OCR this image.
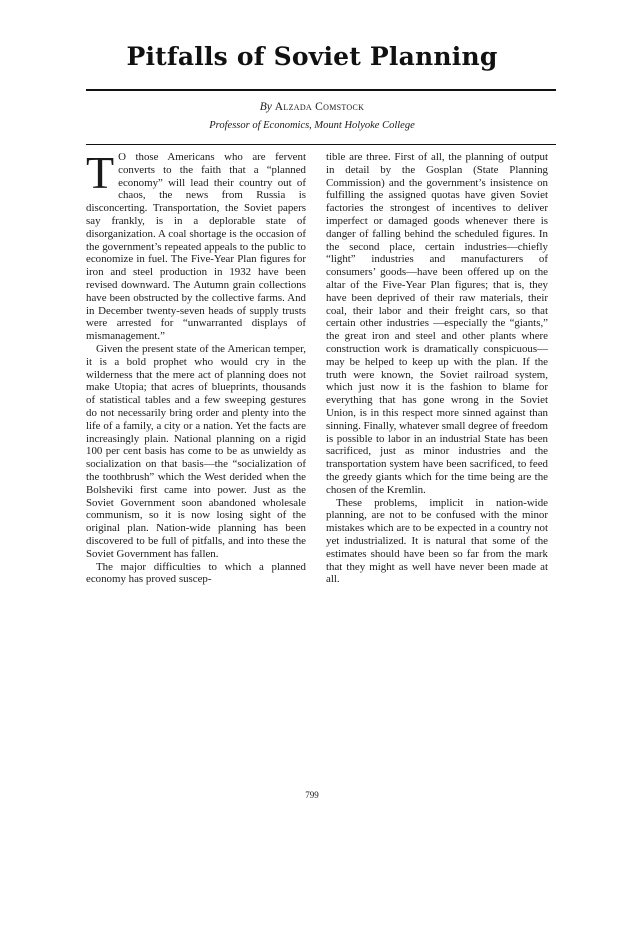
Pitfalls of Soviet Planning
By Alzada Comstock
Professor of Economics, Mount Holyoke College

T O those Americans who are fervent converts to the faith that a “planned economy” will lead their country out of chaos, the news from Russia is disconcerting. Transportation, the Soviet papers say frankly, is in a deplorable state of disorganization. A coal shortage is the occasion of the government’s repeated appeals to the public to economize in fuel. The Five-Year Plan figures for iron and steel production in 1932 have been revised downward. The Autumn grain collections have been obstructed by the collective farms. And in December twenty-seven heads of supply trusts were arrested for “unwarranted displays of mismanagement.”

Given the present state of the American temper, it is a bold prophet who would cry in the wilderness that the mere act of planning does not make Utopia; that acres of blueprints, thousands of statistical tables and a few sweeping gestures do not necessarily bring order and plenty into the life of a family, a city or a nation. Yet the facts are increasingly plain. National planning on a rigid 100 per cent basis has come to be as unwieldy as socialization on that basis—the “socialization of the toothbrush” which the West derided when the Bolsheviki first came into power. Just as the Soviet Government soon abandoned wholesale communism, so it is now losing sight of the original plan. Nation-wide planning has been discovered to be full of pitfalls, and into these the Soviet Government has fallen.

The major difficulties to which a planned economy has proved suscep-

tible are three. First of all, the planning of output in detail by the Gosplan (State Planning Commission) and the government’s insistence on fulfilling the assigned quotas have given Soviet factories the strongest of incentives to deliver imperfect or damaged goods whenever there is danger of falling behind the scheduled figures. In the second place, certain industries—chiefly “light” industries and manufacturers of consumers’ goods—have been offered up on the altar of the Five-Year Plan figures; that is, they have been deprived of their raw materials, their coal, their labor and their freight cars, so that certain other industries —especially the “giants,” the great iron and steel and other plants where construction work is dramatically conspicuous—may be helped to keep up with the plan. If the truth were known, the Soviet railroad system, which just now it is the fashion to blame for everything that has gone wrong in the Soviet Union, is in this respect more sinned against than sinning. Finally, whatever small degree of freedom is possible to labor in an industrial State has been sacrificed, just as minor industries and the transportation system have been sacrificed, to feed the greedy giants which for the time being are the chosen of the Kremlin.

These problems, implicit in nation-wide planning, are not to be confused with the minor mistakes which are to be expected in a country not yet industrialized. It is natural that some of the estimates should have been so far from the mark that they might as well have never been made at all.

799
